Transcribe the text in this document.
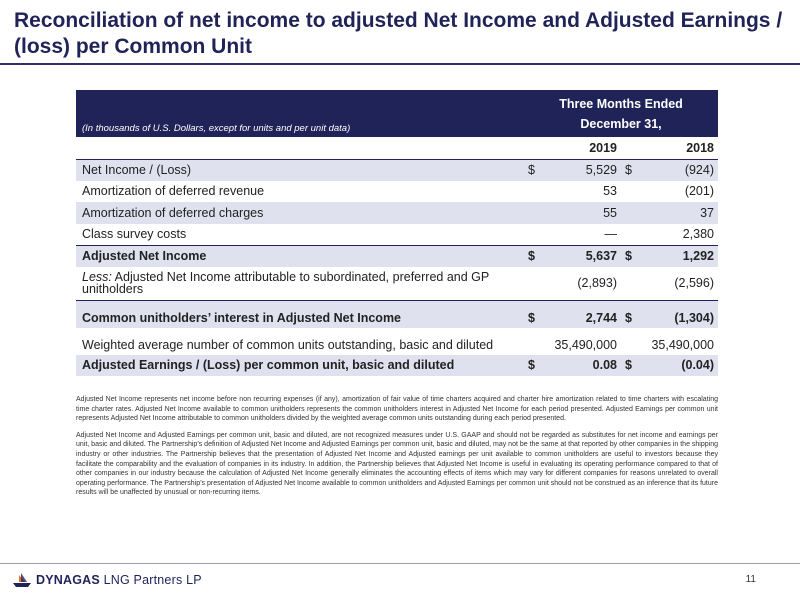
Reconciliation of net income to adjusted Net Income and Adjusted Earnings / (loss) per Common Unit
(In thousands of U.S. Dollars, except for units and per unit data)	Three Months Ended
December 31,			

	2019		2018	
Net Income / (Loss)	$	5,529	$	(924)
Amortization of deferred revenue		53		(201)
Amortization of deferred charges		55		37
Class survey costs		—		2,380
Adjusted Net Income	$	5,637	$	1,292
Less: Adjusted Net Income attributable to subordinated, preferred and GP unitholders		(2,893)		(2,596)
Common unitholders’ interest in Adjusted Net Income	$	2,744	$	(1,304)
Weighted average number of common units outstanding, basic and diluted		35,490,000		35,490,000
Adjusted Earnings / (Loss) per common unit, basic and diluted	$	0.08	$	(0.04)

Adjusted Net Income represents net income before non recurring expenses (if any), amortization of fair value of time charters acquired and charter hire amortization related to time charters with escalating time charter rates. Adjusted Net Income available to common unitholders represents the common unitholders interest in Adjusted Net Income for each period presented. Adjusted Earnings per common unit represents Adjusted Net Income attributable to common unitholders divided by the weighted average common units outstanding during each period presented.

Adjusted Net Income and Adjusted Earnings per common unit, basic and diluted, are not recognized measures under U.S. GAAP and should not be regarded as substitutes for net income and earnings per unit, basic and diluted. The Partnership’s definition of Adjusted Net Income and Adjusted Earnings per common unit, basic and diluted, may not be the same at that reported by other companies in the shipping industry or other industries. The Partnership believes that the presentation of Adjusted Net Income and Adjusted earnings per unit available to common unitholders are useful to investors because they facilitate the comparability and the evaluation of companies in its industry. In addition, the Partnership believes that Adjusted Net Income is useful in evaluating its operating performance compared to that of other companies in our industry because the calculation of Adjusted Net Income generally eliminates the accounting effects of items which may vary for different companies for reasons unrelated to overall operating performance. The Partnership’s presentation of Adjusted Net Income available to common unitholders and Adjusted Earnings per common unit should not be construed as an inference that its future results will be unaffected by unusual or non-recurring items.

DYNAGAS LNG Partners LP	11
